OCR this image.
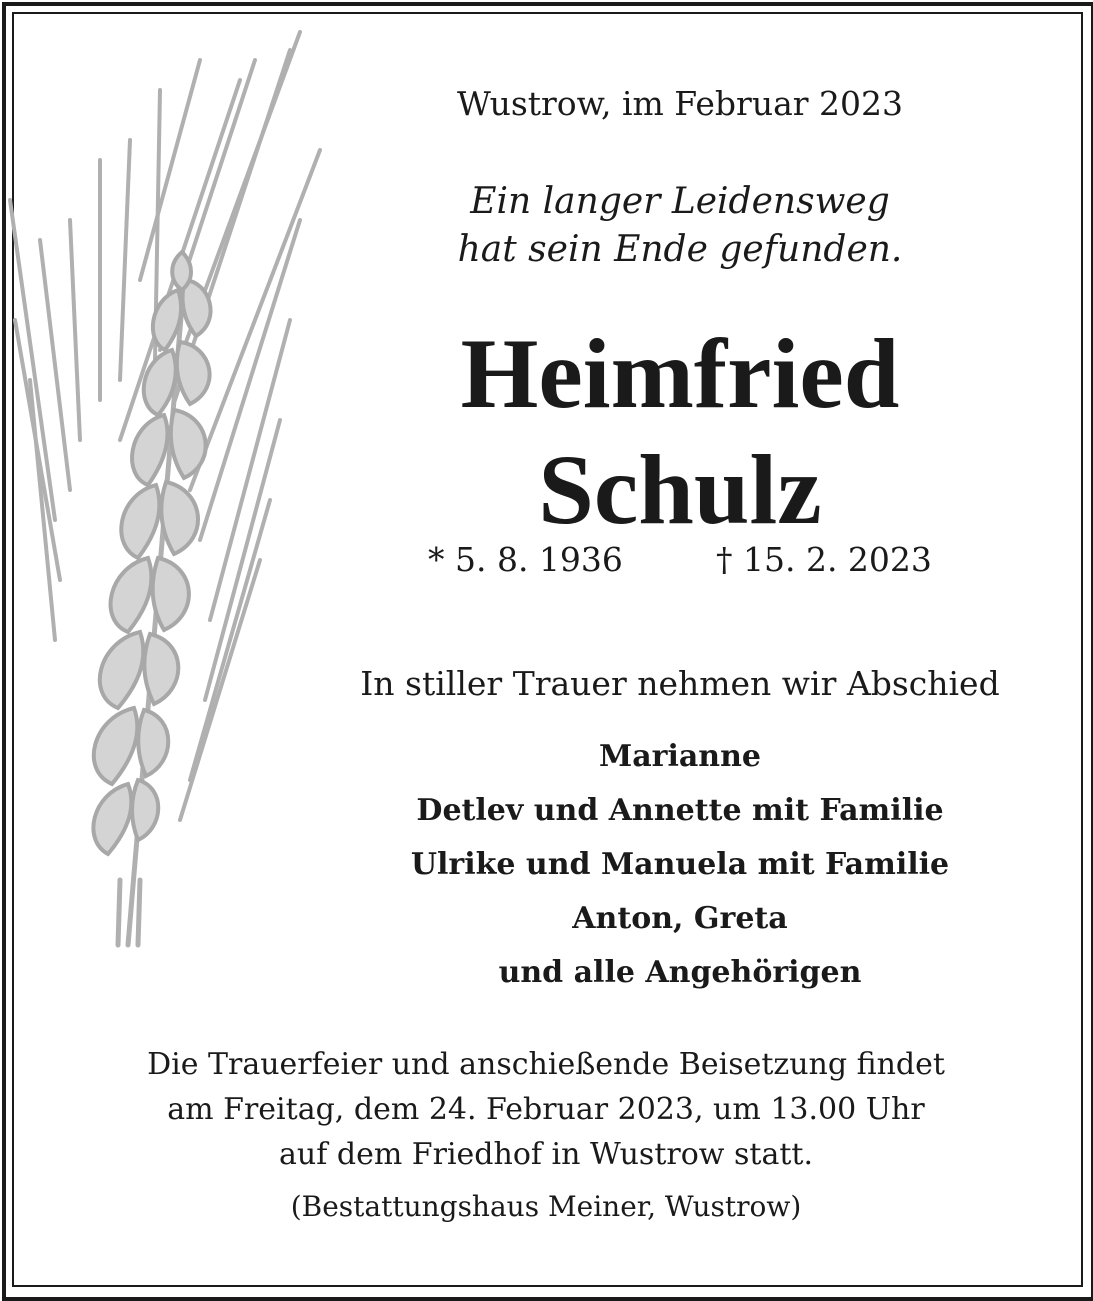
Wustrow, im Februar 2023
Ein langer Leidensweg
hat sein Ende gefunden.
Heimfried
Schulz
* 5. 8. 1936	† 15. 2. 2023
In stiller Trauer nehmen wir Abschied
Marianne
Detlev und Annette mit Familie
Ulrike und Manuela mit Familie
Anton, Greta
und alle Angehörigen
Die Trauerfeier und anschießende Beisetzung findet
am Freitag, dem 24. Februar 2023, um 13.00 Uhr
auf dem Friedhof in Wustrow statt.
(Bestattungshaus Meiner, Wustrow)
